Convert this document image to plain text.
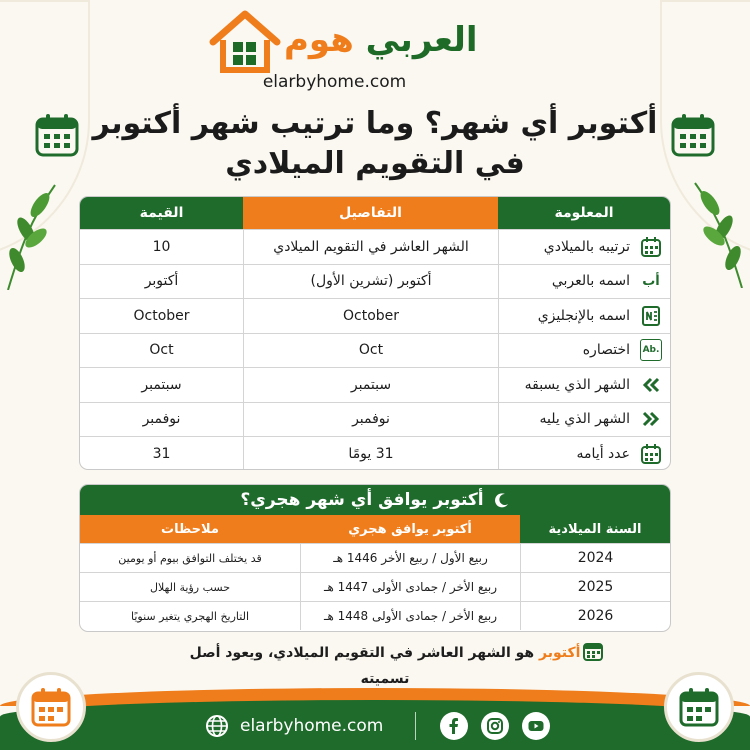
العربي هوم
elarbyhome.com
أكتوبر أي شهر؟ وما ترتيب شهر أكتوبر
في التقويم الميلادي
المعلومة
التفاصيل
القيمة
ترتيبه بالميلادي
الشهر العاشر في التقويم الميلادي
10
أب
اسمه بالعربي
أكتوبر (تشرين الأول)
أكتوبر
اسمه بالإنجليزي
October
October
Ab.
اختصاره
Oct
Oct
الشهر الذي يسبقه
سبتمبر
سبتمبر
الشهر الذي يليه
نوفمبر
نوفمبر
عدد أيامه
31 يومًا
31
أكتوبر يوافق أي شهر هجري؟
السنة الميلادية
أكتوبر يوافق هجري
ملاحظات
2024
ربيع الأول / ربيع الأخر 1446 هـ
قد يختلف التوافق بيوم أو يومين
2025
ربيع الأخر / جمادى الأولى 1447 هـ
حسب رؤية الهلال
2026
ربيع الأخر / جمادى الأولى 1448 هـ
التاريخ الهجري يتغير سنويًا
أكتوبر هو الشهر العاشر في التقويم الميلادي، ويعود أصل تسميته
elarbyhome.com
